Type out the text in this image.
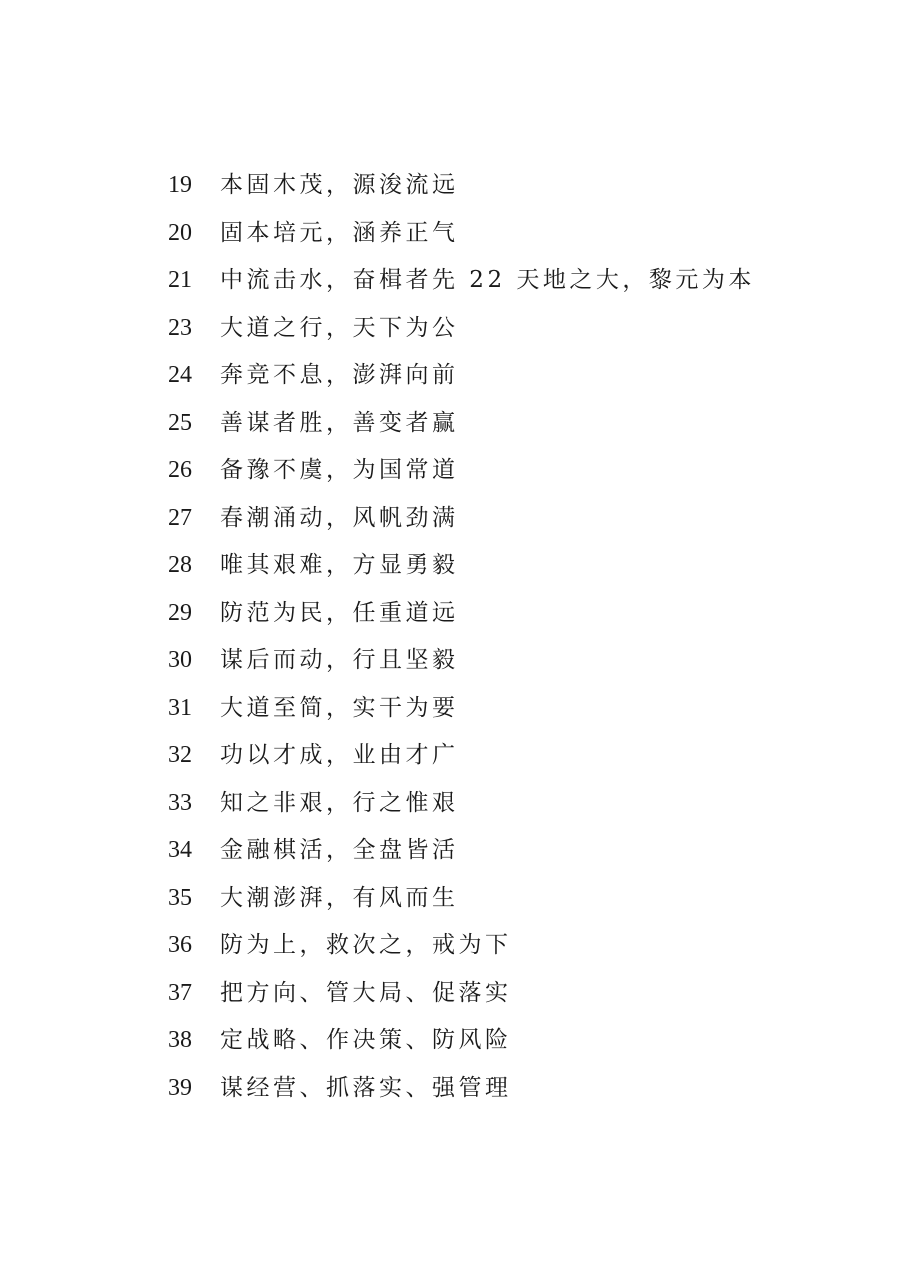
19	本固木茂，源浚流远
20	固本培元，涵养正气
21	中流击水，奋楫者先 22 天地之大，黎元为本
23	大道之行，天下为公
24	奔竞不息，澎湃向前
25	善谋者胜，善变者赢
26	备豫不虞，为国常道
27	春潮涌动，风帆劲满
28	唯其艰难，方显勇毅
29	防范为民，任重道远
30	谋后而动，行且坚毅
31	大道至简，实干为要
32	功以才成，业由才广
33	知之非艰，行之惟艰
34	金融棋活，全盘皆活
35	大潮澎湃，有风而生
36	防为上，救次之，戒为下
37	把方向、管大局、促落实
38	定战略、作决策、防风险
39	谋经营、抓落实、强管理
